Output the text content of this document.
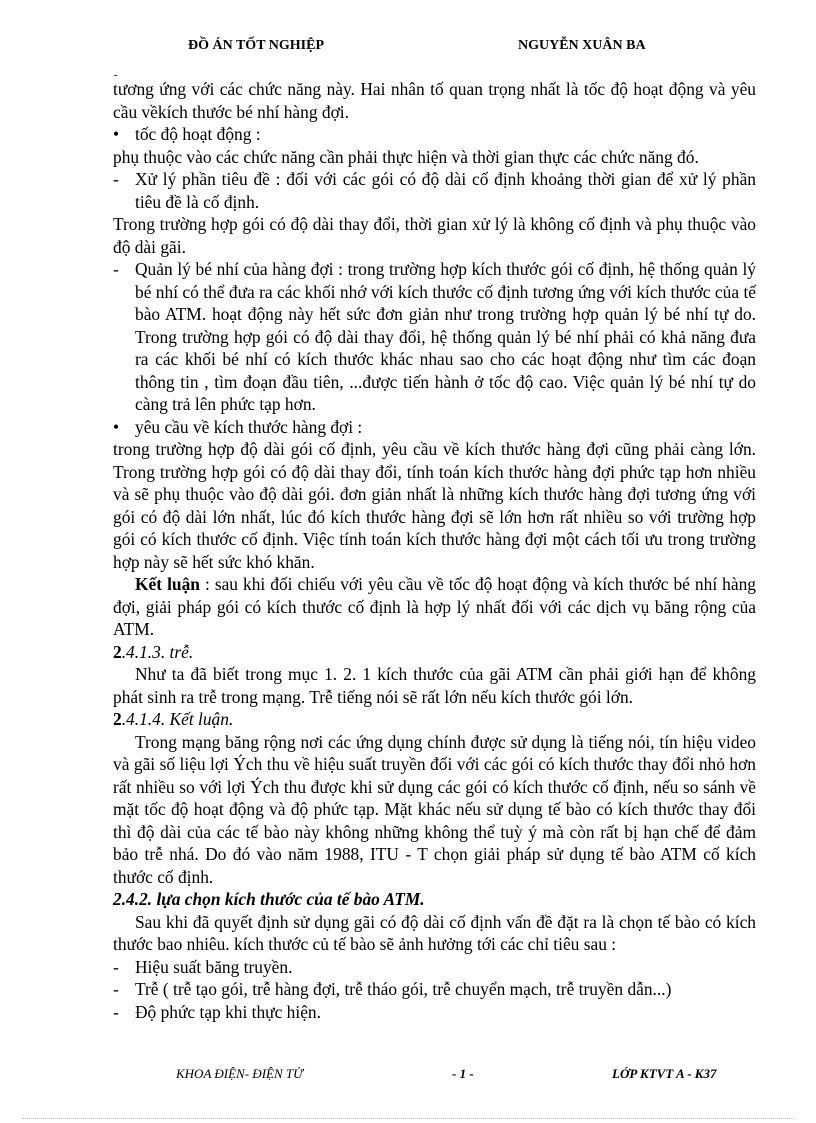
ĐỒ ÁN TỐT NGHIỆP	NGUYỄN XUÂN BA
-

tương ứng với các chức năng này. Hai nhân tố quan trọng nhất là tốc độ hoạt động và yêu cầu vềkích thước bé nhí hàng đợi.

• tốc độ hoạt động :

phụ thuộc vào các chức năng cần phải thực hiện và thời gian thực các chức năng đó.

- Xử lý phần tiêu đề : đối với các gói có độ dài cố định khoảng thời gian để xử lý phần tiêu đề là cố định.

Trong trường hợp gói có độ dài thay đổi, thời gian xử lý là không cố định và phụ thuộc vào độ dài gãi.

- Quản lý bé nhí của hàng đợi : trong trường hợp kích thước gói cố định, hệ thống quản lý bé nhí có thể đưa ra các khối nhớ với kích thước cố định tương ứng với kích thước của tế bào ATM. hoạt động này hết sức đơn giản như trong trường hợp quản lý bé nhí tự do. Trong trường hợp gói có độ dài thay đổi, hệ thống quản lý bé nhí phải có khả năng đưa ra các khối bé nhí có kích thước khác nhau sao cho các hoạt động như tìm các đoạn thông tin , tìm đoạn đầu tiên, ...được tiến hành ở tốc độ cao. Việc quản lý bé nhí tự do càng trả lên phức tạp hơn.

• yêu cầu về kích thước hàng đợi :

trong trường hợp độ dài gói cố định, yêu cầu về kích thước hàng đợi cũng phải càng lớn. Trong trường hợp gói có độ dài thay đổi, tính toán kích thước hàng đợi phức tạp hơn nhiều và sẽ phụ thuộc vào độ dài gói. đơn giản nhất là những kích thước hàng đợi tương ứng với gói có độ dài lớn nhất, lúc đó kích thước hàng đợi sẽ lớn hơn rất nhiều so với trường hợp gói có kích thước cố định. Việc tính toán kích thước hàng đợi một cách tối ưu trong trường hợp này sẽ hết sức khó khăn.

Kết luận : sau khi đối chiếu với yêu cầu về tốc độ hoạt động và kích thước bé nhí hàng đợi, giải pháp gói có kích thước cố định là hợp lý nhất đối với các dịch vụ băng rộng của ATM.

2.4.1.3. trễ.

Như ta đã biết trong mục 1. 2. 1 kích thước của gãi ATM cần phải giới hạn để không phát sinh ra trễ trong mạng. Trễ tiếng nói sẽ rất lớn nếu kích thước gói lớn.

2.4.1.4. Kết luận.

Trong mạng băng rộng nơi các ứng dụng chính được sử dụng là tiếng nói, tín hiệu video và gãi số liệu lợi Ých thu về hiệu suất truyền đối với các gói có kích thước thay đổi nhỏ hơn rất nhiều so với lợi Ých thu được khi sử dụng các gói có kích thước cố định, nếu so sánh về mặt tốc độ hoạt động và độ phức tạp. Mặt khác nếu sử dụng tế bào có kích thước thay đổi thì độ dài của các tế bào này không những không thể tuỳ ý mà còn rất bị hạn chế để đảm bảo trễ nhá. Do đó vào năm 1988, ITU - T chọn giải pháp sử dụng tế bào ATM cố kích thước cố định.

2.4.2. lựa chọn kích thước của tế bào ATM.

Sau khi đã quyết định sử dụng gãi có độ dài cố định vấn đề đặt ra là chọn tế bào có kích thước bao nhiêu. kích thước củ tế bào sẽ ảnh hưởng tới các chỉ tiêu sau :

- Hiệu suất băng truyền.

- Trễ ( trễ tạo gói, trễ hàng đợi, trễ tháo gói, trễ chuyển mạch, trễ truyền dẫn...)

- Độ phức tạp khi thực hiện.

KHOA ĐIỆN- ĐIỆN TỬ	- 1 -	LỚP KTVT A - K37
